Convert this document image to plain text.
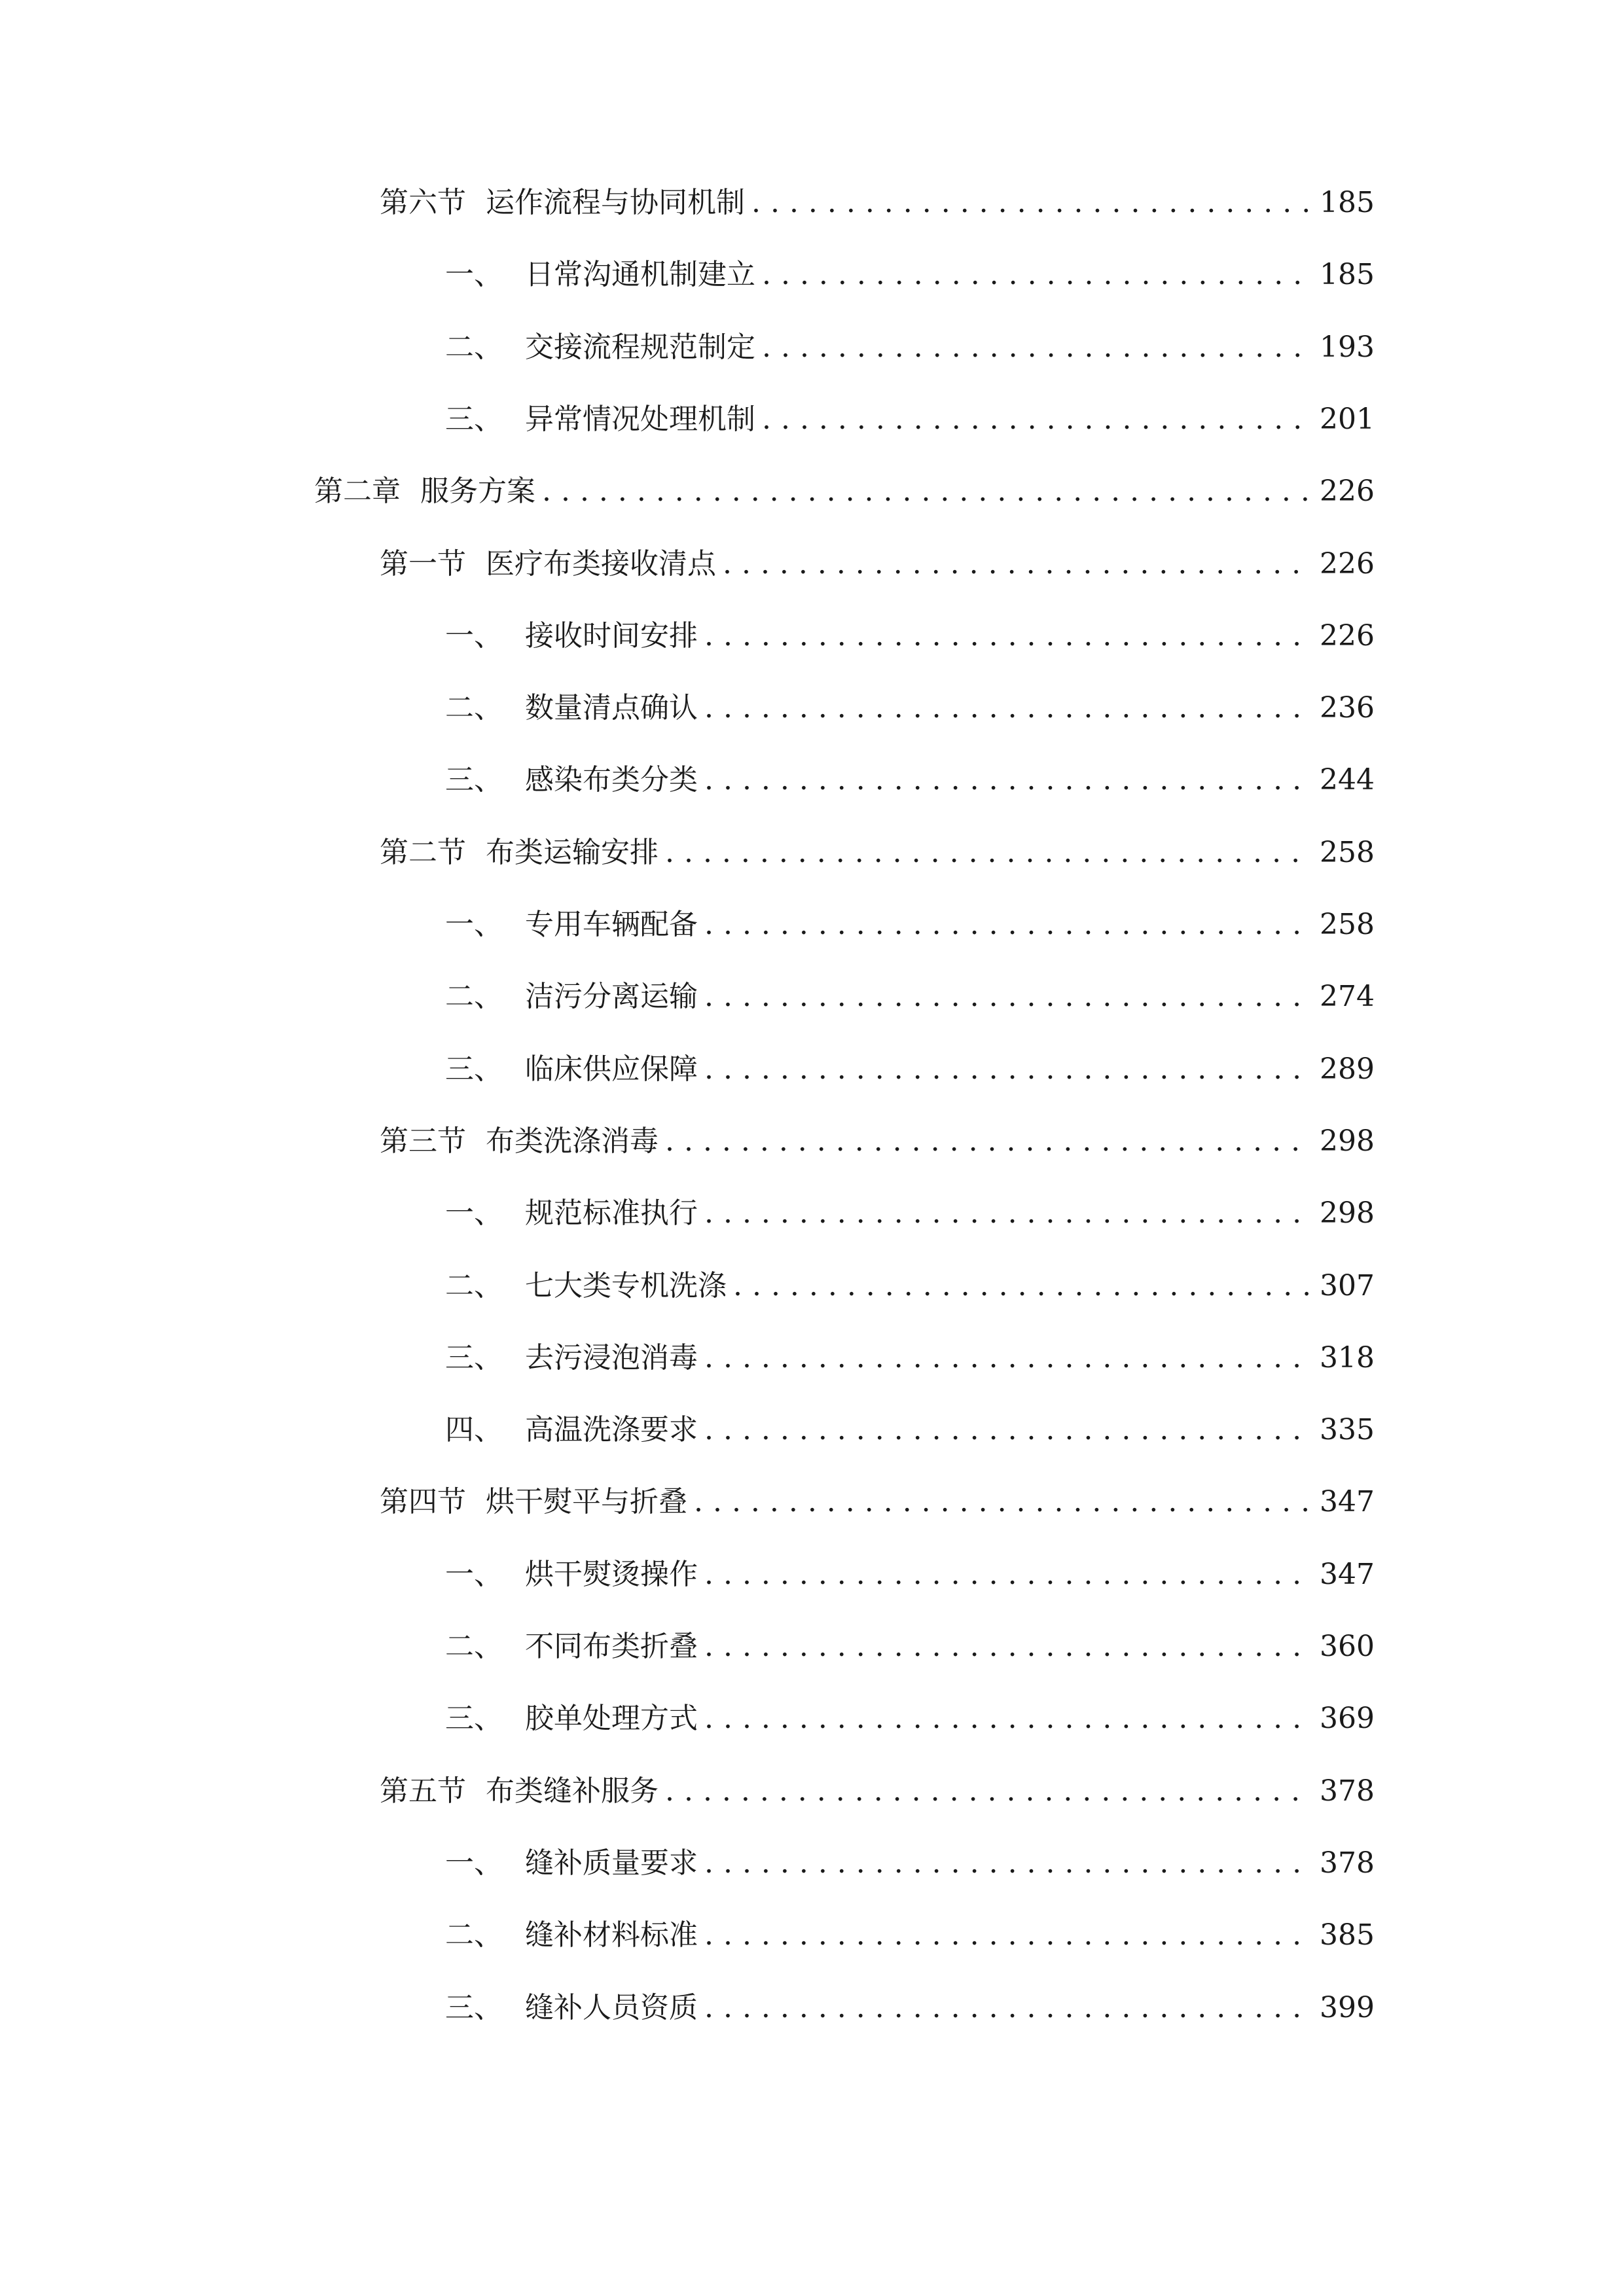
第六节 运作流程与协同机制 . . .	185
一、 日常沟通机制建立 . . .	185
二、 交接流程规范制定 . . .	193
三、 异常情况处理机制 . . .	201
第二章 服务方案 . . .	226
第一节 医疗布类接收清点 . . .	226
一、 接收时间安排 . . .	226
二、 数量清点确认 . . .	236
三、 感染布类分类 . . .	244
第二节 布类运输安排 . . .	258
一、 专用车辆配备 . . .	258
二、 洁污分离运输 . . .	274
三、 临床供应保障 . . .	289
第三节 布类洗涤消毒 . . .	298
一、 规范标准执行 . . .	298
二、 七大类专机洗涤 . . .	307
三、 去污浸泡消毒 . . .	318
四、 高温洗涤要求 . . .	335
第四节 烘干熨平与折叠 . . .	347
一、 烘干熨烫操作 . . .	347
二、 不同布类折叠 . . .	360
三、 胶单处理方式 . . .	369
第五节 布类缝补服务 . . .	378
一、 缝补质量要求 . . .	378
二、 缝补材料标准 . . .	385
三、 缝补人员资质 . . .	399
